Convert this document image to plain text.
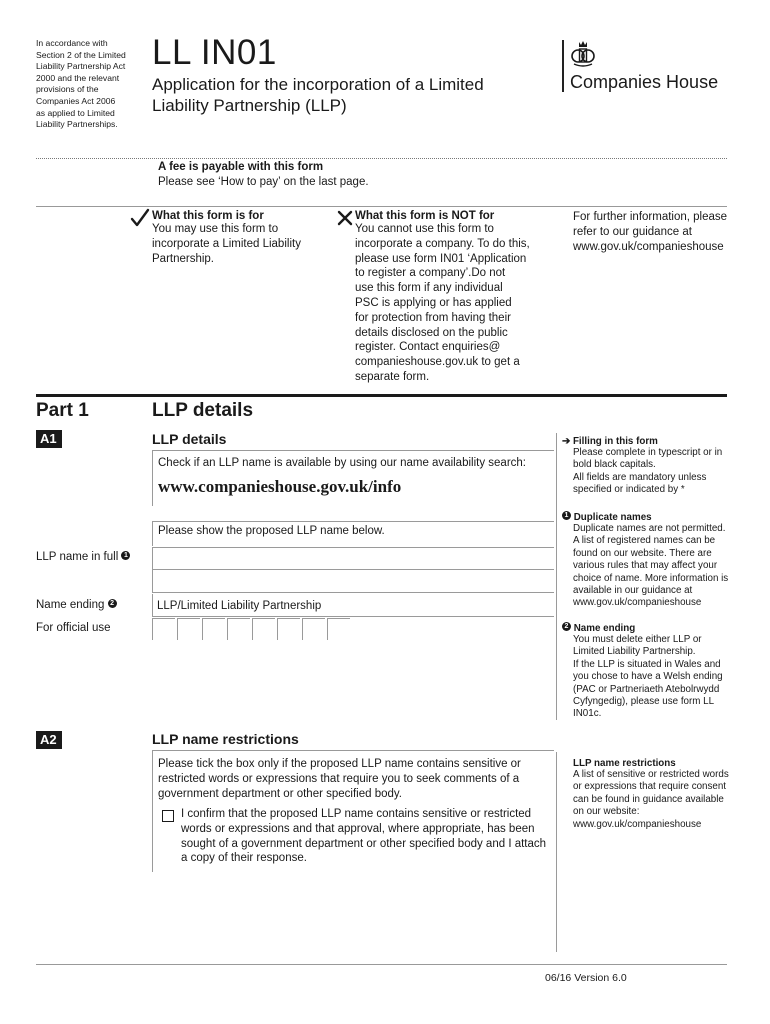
In accordance with
Section 2 of the Limited
Liability Partnership Act
2000 and the relevant
provisions of the
Companies Act 2006
as applied to Limited
Liability Partnerships.
LL IN01
Application for the incorporation of a Limited
Liability Partnership (LLP)
Companies House
A fee is payable with this form
Please see ‘How to pay’ on the last page.
What this form is for
You may use this form to
incorporate a Limited Liability
Partnership.
What this form is NOT for
You cannot use this form to
incorporate a company. To do this,
please use form IN01 ‘Application
to register a company’.Do not
use this form if any individual
PSC is applying or has applied
for protection from having their
details disclosed on the public
register. Contact enquiries@
companieshouse.gov.uk to get a
separate form.
For further information, please
refer to our guidance at
www.gov.uk/companieshouse
Part 1	LLP details
A1	LLP details
Check if an LLP name is available by using our name availability search:
www.companieshouse.gov.uk/info
Please show the proposed LLP name below.
LLP name in full 1
Name ending 2	LLP/Limited Liability Partnership
For official use
➔ Filling in this form
Please complete in typescript or in
bold black capitals.
All fields are mandatory unless
specified or indicated by *
1 Duplicate names
Duplicate names are not permitted.
A list of registered names can be
found on our website. There are
various rules that may affect your
choice of name. More information is
available in our guidance at
www.gov.uk/companieshouse
2 Name ending
You must delete either LLP or
Limited Liability Partnership.
If the LLP is situated in Wales and
you chose to have a Welsh ending
(PAC or Partneriaeth Atebolrwydd
Cyfyngedig), please use form LL
IN01c.
A2	LLP name restrictions
Please tick the box only if the proposed LLP name contains sensitive or
restricted words or expressions that require you to seek comments of a
government department or other specified body.
I confirm that the proposed LLP name contains sensitive or restricted
words or expressions and that approval, where appropriate, has been
sought of a government department or other specified body and I attach
a copy of their response.
LLP name restrictions
A list of sensitive or restricted words
or expressions that require consent
can be found in guidance available
on our website:
www.gov.uk/companieshouse
06/16 Version 6.0
